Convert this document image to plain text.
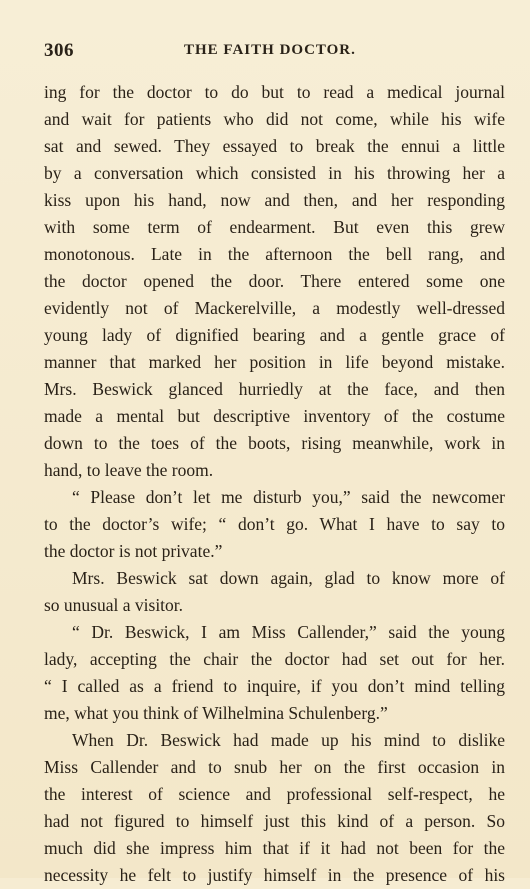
306	THE FAITH DOCTOR.
ing for the doctor to do but to read a medical journal
and wait for patients who did not come, while his wife
sat and sewed. They essayed to break the ennui a little
by a conversation which consisted in his throwing her a
kiss upon his hand, now and then, and her responding
with some term of endearment. But even this grew
monotonous. Late in the afternoon the bell rang, and
the doctor opened the door. There entered some one
evidently not of Mackerelville, a modestly well-dressed
young lady of dignified bearing and a gentle grace of
manner that marked her position in life beyond mistake.
Mrs. Beswick glanced hurriedly at the face, and then
made a mental but descriptive inventory of the costume
down to the toes of the boots, rising meanwhile, work in
hand, to leave the room.
“ Please don’t let me disturb you,” said the newcomer
to the doctor’s wife; “ don’t go. What I have to say to
the doctor is not private.”
Mrs. Beswick sat down again, glad to know more of
so unusual a visitor.
“ Dr. Beswick, I am Miss Callender,” said the young
lady, accepting the chair the doctor had set out for her.
“ I called as a friend to inquire, if you don’t mind telling
me, what you think of Wilhelmina Schulenberg.”
When Dr. Beswick had made up his mind to dislike
Miss Callender and to snub her on the first occasion in
the interest of science and professional self-respect, he
had not figured to himself just this kind of a person. So
much did she impress him that if it had not been for the
necessity he felt to justify himself in the presence of his
